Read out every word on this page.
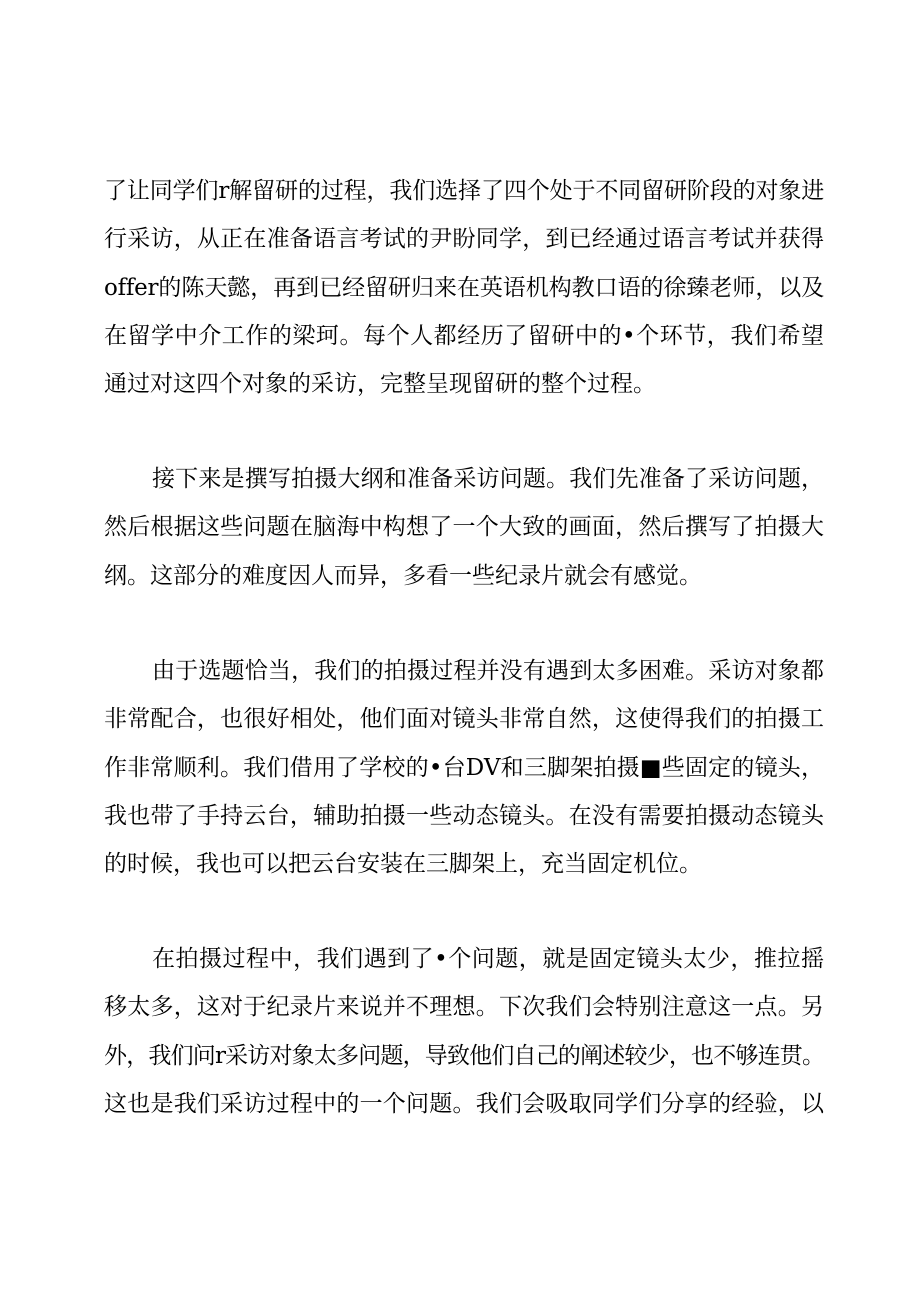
了让同学们r解留研的过程，我们选择了四个处于不同留研阶段的对象进
行采访，从正在准备语言考试的尹盼同学，到已经通过语言考试并获得
offer的陈天懿，再到已经留研归来在英语机构教口语的徐臻老师，以及
在留学中介工作的梁珂。每个人都经历了留研中的•个环节，我们希望
通过对这四个对象的采访，完整呈现留研的整个过程。

接下来是撰写拍摄大纲和准备采访问题。我们先准备了采访问题，
然后根据这些问题在脑海中构想了一个大致的画面，然后撰写了拍摄大
纲。这部分的难度因人而异，多看一些纪录片就会有感觉。

由于选题恰当，我们的拍摄过程并没有遇到太多困难。采访对象都
非常配合，也很好相处，他们面对镜头非常自然，这使得我们的拍摄工
作非常顺利。我们借用了学校的•台DV和三脚架拍摄■些固定的镜头，
我也带了手持云台，辅助拍摄一些动态镜头。在没有需要拍摄动态镜头
的时候，我也可以把云台安装在三脚架上，充当固定机位。

在拍摄过程中，我们遇到了•个问题，就是固定镜头太少，推拉摇
移太多，这对于纪录片来说并不理想。下次我们会特别注意这一点。另
外，我们问r采访对象太多问题，导致他们自己的阐述较少，也不够连贯。
这也是我们采访过程中的一个问题。我们会吸取同学们分享的经验，以
